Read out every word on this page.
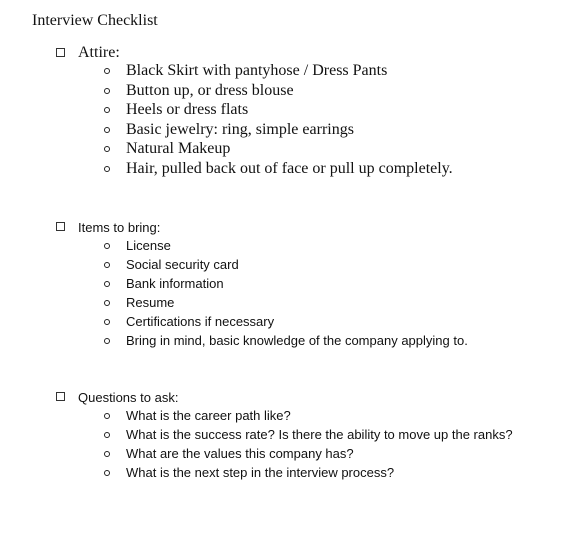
Interview Checklist
Attire:
Black Skirt with pantyhose / Dress Pants
Button up, or dress blouse
Heels or dress flats
Basic jewelry: ring, simple earrings
Natural Makeup
Hair, pulled back out of face or pull up completely.
Items to bring:
License
Social security card
Bank information
Resume
Certifications if necessary
Bring in mind, basic knowledge of the company applying to.
Questions to ask:
What is the career path like?
What is the success rate? Is there the ability to move up the ranks?
What are the values this company has?
What is the next step in the interview process?
